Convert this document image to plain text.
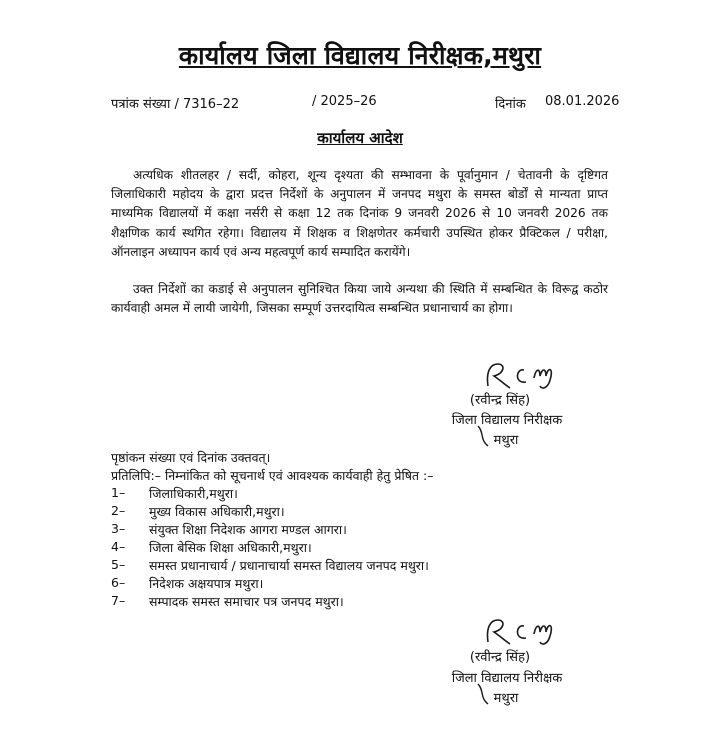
कार्यालय जिला विद्यालय निरीक्षक,मथुरा
पत्रांक संख्या / 7316–22	/ 2025–26	दिनांक 08.01.2026
कार्यालय आदेश
अत्यधिक शीतलहर / सर्दी, कोहरा, शून्य दृश्यता की सम्भावना के पूर्वानुमान / चेतावनी के दृष्टिगत जिलाधिकारी महोदय के द्वारा प्रदत्त निर्देशों के अनुपालन में जनपद मथुरा के समस्त बोर्डों से मान्यता प्राप्त माध्यमिक विद्यालयों में कक्षा नर्सरी से कक्षा 12 तक दिनांक 9 जनवरी 2026 से 10 जनवरी 2026 तक शैक्षणिक कार्य स्थगित रहेगा। विद्यालय में शिक्षक व शिक्षणेतर कर्मचारी उपस्थित होकर प्रैक्टिकल / परीक्षा, ऑनलाइन अध्यापन कार्य एवं अन्य महत्वपूर्ण कार्य सम्पादित करायेंगे।
उक्त निर्देशों का कडाई से अनुपालन सुनिश्चित किया जाये अन्यथा की स्थिति में सम्बन्धित के विरूद्व कठोर कार्यवाही अमल में लायी जायेगी, जिसका सम्पूर्ण उत्तरदायित्व सम्बन्धित प्रधानाचार्य का होगा।
(रवीन्द्र सिंह)
जिला विद्यालय निरीक्षक
मथुरा
पृष्ठांकन संख्या एवं दिनांक उक्तवत्।
प्रतिलिपि:– निम्नांकित को सूचनार्थ एवं आवश्यक कार्यवाही हेतु प्रेषित :–
1– जिलाधिकारी,मथुरा।
2– मुख्य विकास अधिकारी,मथुरा।
3– संयुक्त शिक्षा निदेशक आगरा मण्डल आगरा।
4– जिला बेसिक शिक्षा अधिकारी,मथुरा।
5– समस्त प्रधानाचार्य / प्रधानाचार्या समस्त विद्यालय जनपद मथुरा।
6– निदेशक अक्षयपात्र मथुरा।
7– सम्पादक समस्त समाचार पत्र जनपद मथुरा।
(रवीन्द्र सिंह)
जिला विद्यालय निरीक्षक
मथुरा
